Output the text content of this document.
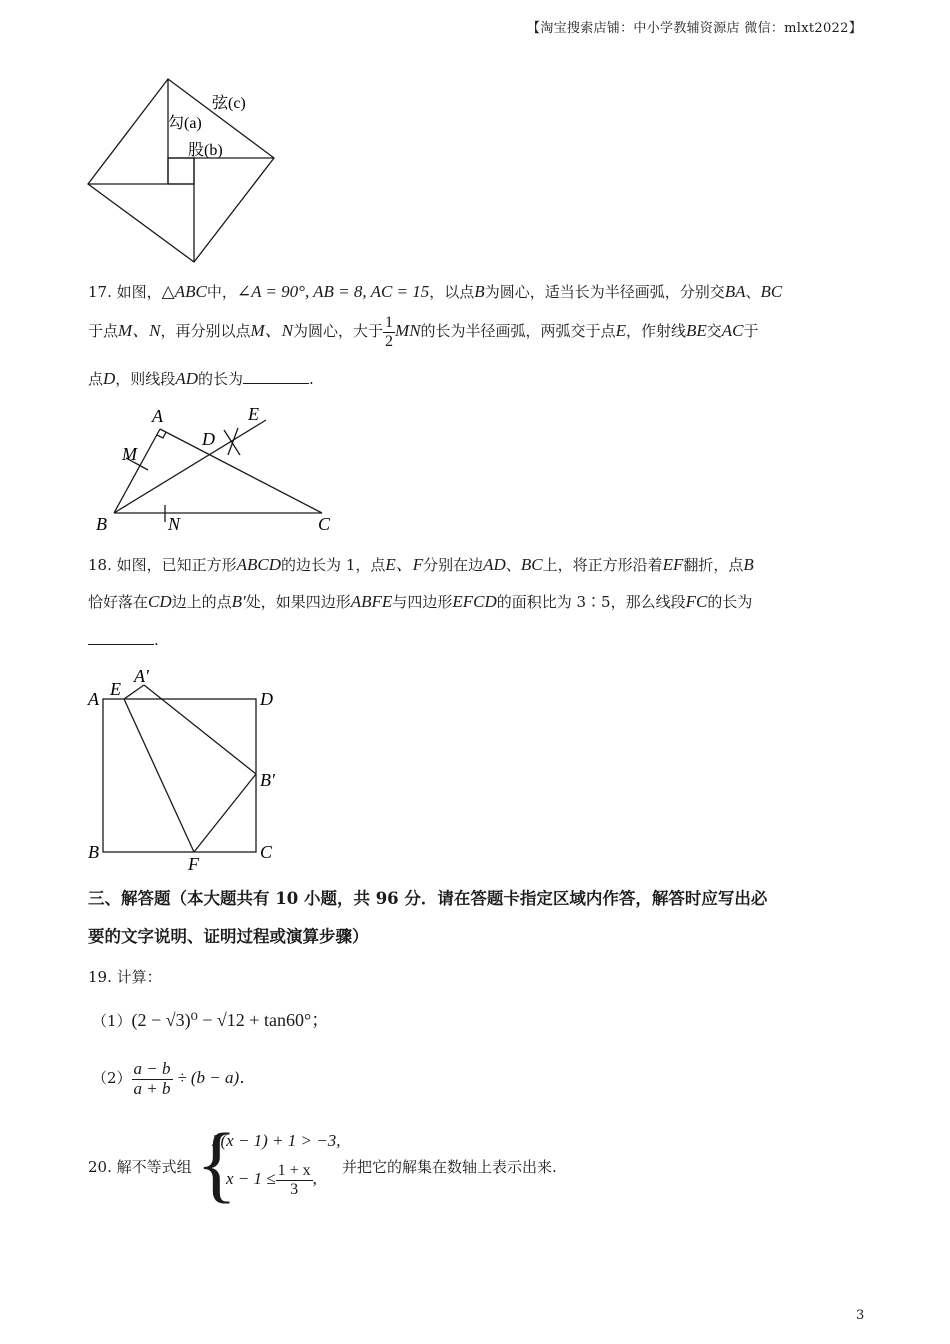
【淘宝搜索店铺：中小学教辅资源店 微信：mlxt2022】
弦(c)
勾(a)
股(b)
17. 如图，△ABC中，∠A = 90°, AB = 8, AC = 15，以点B为圆心，适当长为半径画弧，分别交BA、BC
于点M、N，再分别以点M、N为圆心，大于 $\frac{1}{2}$ MN的长为半径画弧，两弧交于点E，作射线BE交AC于
点D，则线段AD的长为	.
A	E
M
D
B	N	C
18. 如图，已知正方形ABCD的边长为 1，点E、F分别在边AD、BC上，将正方形沿着EF翻折，点B
恰好落在CD边上的点B′处，如果四边形ABFE与四边形EFCD的面积比为 3∶5，那么线段FC的长为
.
A E
A′
D
B′
B
F
C
三、解答题（本大题共有 10 小题，共 96 分．请在答题卡指定区域内作答，解答时应写出必
要的文字说明、证明过程或演算步骤）
19. 计算：
（1）(2 − √3)⁰ − √12 + tan60°；
$(2) \frac{a - b}{a + b} \div (b - a)$．
20. 解不等式组 {
2(x − 1) + 1 > −3,
$x - 1 \le \frac{1 + x}{3}$ ,
并把它的解集在数轴上表示出来.
3
